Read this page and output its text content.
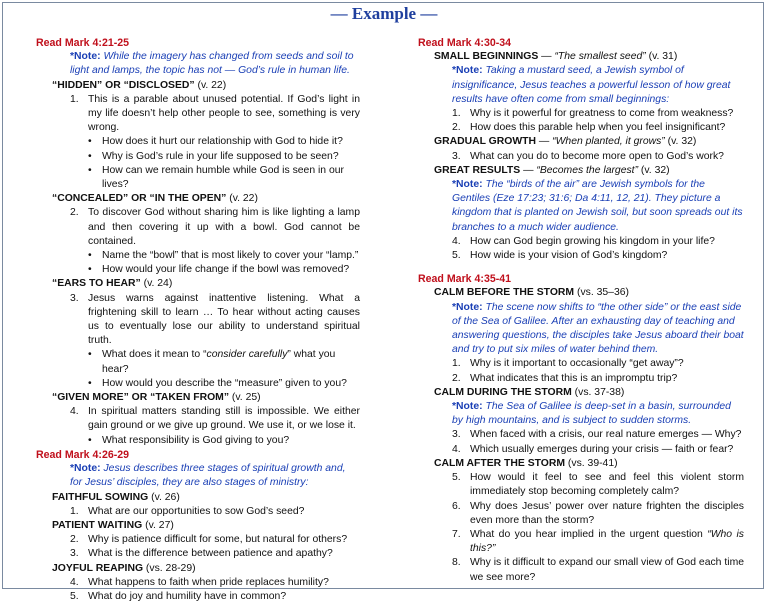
— Example —

Read Mark 4:21-25

*Note: While the imagery has changed from seeds and soil to light and lamps, the topic has not — God’s rule in human life.

“HIDDEN” OR “DISCLOSED” (v. 22)

1. This is a parable about unused potential. If God’s light in my life doesn’t help other people to see, something is very wrong.
• How does it hurt our relationship with God to hide it?
• Why is God’s rule in your life supposed to be seen?
• How can we remain humble while God is seen in our lives?

“CONCEALED” OR “IN THE OPEN” (v. 22)

2. To discover God without sharing him is like lighting a lamp and then covering it up with a bowl. God cannot be contained.
• Name the “bowl” that is most likely to cover your “lamp.”
• How would your life change if the bowl was removed?

“EARS TO HEAR” (v. 24)

3. Jesus warns against inattentive listening. What a frightening skill to learn … To hear without acting causes us to eventually lose our ability to understand spiritual truth.
• What does it mean to “consider carefully” what you hear?
• How would you describe the “measure” given to you?

“GIVEN MORE” OR “TAKEN FROM” (v. 25)

4. In spiritual matters standing still is impossible. We either gain ground or we give up ground. We use it, or we lose it.
• What responsibility is God giving to you?

Read Mark 4:26-29

*Note: Jesus describes three stages of spiritual growth and, for Jesus’ disciples, they are also stages of ministry:

FAITHFUL SOWING (v. 26)

1. What are our opportunities to sow God’s seed?

PATIENT WAITING (v. 27)

2. Why is patience difficult for some, but natural for others?
3. What is the difference between patience and apathy?

JOYFUL REAPING (vs. 28-29)

4. What happens to faith when pride replaces humility?
5. What do joy and humility have in common?

Read Mark 4:30-34

SMALL BEGINNINGS — “The smallest seed” (v. 31)

*Note: Taking a mustard seed, a Jewish symbol of insignificance, Jesus teaches a powerful lesson of how great results have often come from small beginnings:

1. Why is it powerful for greatness to come from weakness?
2. How does this parable help when you feel insignificant?

GRADUAL GROWTH — “When planted, it grows” (v. 32)

3. What can you do to become more open to God’s work?

GREAT RESULTS — “Becomes the largest” (v. 32)

*Note: The “birds of the air” are Jewish symbols for the Gentiles (Eze 17:23; 31:6; Da 4:11, 12, 21). They picture a kingdom that is planted on Jewish soil, but soon spreads out its branches to a much wider audience.

4. How can God begin growing his kingdom in your life?
5. How wide is your vision of God’s kingdom?

Read Mark 4:35-41

CALM BEFORE THE STORM (vs. 35–36)

*Note: The scene now shifts to “the other side” or the east side of the Sea of Galilee. After an exhausting day of teaching and answering questions, the disciples take Jesus aboard their boat and try to put six miles of water behind them.

1. Why is it important to occasionally “get away”?
2. What indicates that this is an impromptu trip?

CALM DURING THE STORM (vs. 37-38)

*Note: The Sea of Galilee is deep-set in a basin, surrounded by high mountains, and is subject to sudden storms.

3. When faced with a crisis, our real nature emerges — Why?
4. Which usually emerges during your crisis — faith or fear?

CALM AFTER THE STORM (vs. 39-41)

5. How would it feel to see and feel this violent storm immediately stop becoming completely calm?
6. Why does Jesus’ power over nature frighten the disciples even more than the storm?
7. What do you hear implied in the urgent question “Who is this?”
8. Why is it difficult to expand our small view of God each time we see more?
